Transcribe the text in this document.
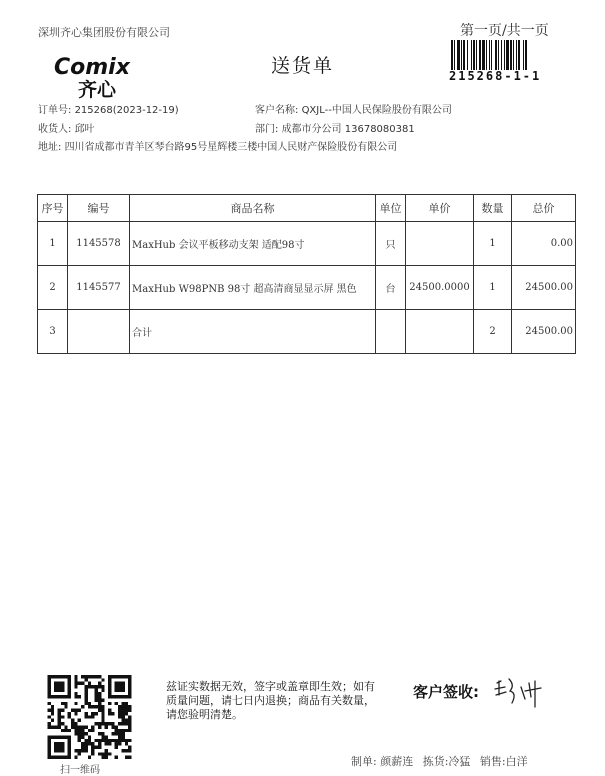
深圳齐心集团股份有限公司
Comix
齐心
送货单
第一页/共一页
215268-1-1
订单号: 215268(2023-12-19)	客户名称: QXJL--中国人民保险股份有限公司
收货人: 邱叶	部门: 成都市分公司 13678080381
地址: 四川省成都市青羊区琴台路95号星辉楼三楼中国人民财产保险股份有限公司
序号	编号	商品名称	单位	单价	数量	总价
1	1145578	MaxHub 会议平板移动支架 适配98寸	只		1	0.00
2	1145577	MaxHub W98PNB 98寸 超高清商显显示屏 黑色	台	24500.0000	1	24500.00
3		合计			2	24500.00
扫一维码
兹证实数据无效，签字或盖章即生效；如有质量问题，请七日内退换；商品有关数量，请您验明清楚。
客户签收:
制单: 颜薪连 拣货:冷猛 销售:白洋
